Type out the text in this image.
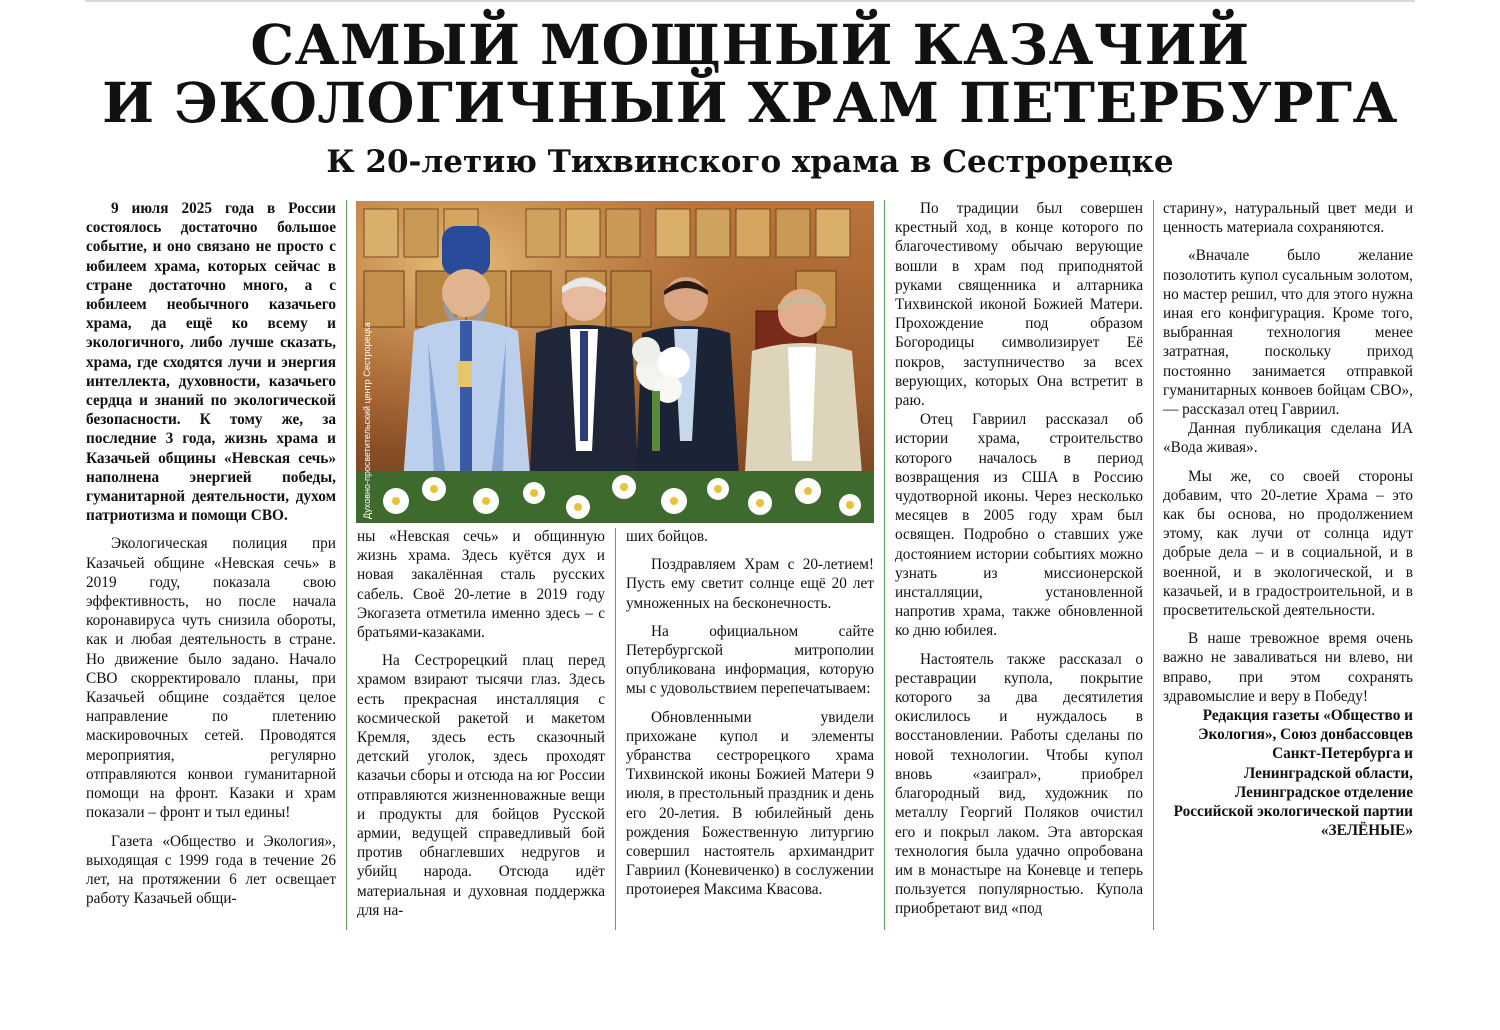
САМЫЙ МОЩНЫЙ КАЗАЧИЙ
И ЭКОЛОГИЧНЫЙ ХРАМ ПЕТЕРБУРГА
К 20-летию Тихвинского храма в Сестрорецке

9 июля 2025 года в России состоялось достаточно большое событие, и оно связано не просто с юбилеем храма, которых сейчас в стране достаточно много, а с юбилеем необычного казачьего храма, да ещё ко всему и экологичного, либо лучше сказать, храма, где сходятся лучи и энергия интеллекта, духовности, казачьего сердца и знаний по экологической безопасности. К тому же, за последние 3 года, жизнь храма и Казачьей общины «Невская сечь» наполнена энергией победы, гуманитарной деятельности, духом патриотизма и помощи СВО.

Экологическая полиция при Казачьей общине «Невская сечь» в 2019 году, показала свою эффективность, но после начала коронавируса чуть снизила обороты, как и любая деятельность в стране. Но движение было задано. Начало СВО скорректировало планы, при Казачьей общине создаётся целое направление по плетению маскировочных сетей. Проводятся мероприятия, регулярно отправляются конвои гуманитарной помощи на фронт. Казаки и храм показали – фронт и тыл едины!

Газета «Общество и Экология», выходящая с 1999 года в течение 26 лет, на протяжении 6 лет освещает работу Казачьей общи-

Духовно-просветительский центр Сестрорецка

ны «Невская сечь» и общинную жизнь храма. Здесь куётся дух и новая закалённая сталь русских сабель. Своё 20-летие в 2019 году Экогазета отметила именно здесь – с братьями-казаками.

На Сестрорецкий плац перед храмом взирают тысячи глаз. Здесь есть прекрасная инсталляция с космической ракетой и макетом Кремля, здесь есть сказочный детский уголок, здесь проходят казачьи сборы и отсюда на юг России отправляются жизненноважные вещи и продукты для бойцов Русской армии, ведущей справедливый бой против обнаглевших недругов и убийц народа. Отсюда идёт материальная и духовная поддержка для на-

ших бойцов.

Поздравляем Храм с 20-летием! Пусть ему светит солнце ещё 20 лет умноженных на бесконечность.

На официальном сайте Петербургской митрополии опубликована информация, которую мы с удовольствием перепечатываем:

Обновленными увидели прихожане купол и элементы убранства сестрорецкого храма Тихвинской иконы Божией Матери 9 июля, в престольный праздник и день его 20-летия. В юбилейный день рождения Божественную литургию совершил настоятель архимандрит Гавриил (Коневиченко) в сослужении протоиерея Максима Квасова.

По традиции был совершен крестный ход, в конце которого по благочестивому обычаю верующие вошли в храм под приподнятой руками священника и алтарника Тихвинской иконой Божией Матери. Прохождение под образом Богородицы символизирует Её покров, заступничество за всех верующих, которых Она встретит в раю.

Отец Гавриил рассказал об истории храма, строительство которого началось в период возвращения из США в Россию чудотворной иконы. Через несколько месяцев в 2005 году храм был освящен. Подробно о ставших уже достоянием истории событиях можно узнать из миссионерской инсталляции, установленной напротив храма, также обновленной ко дню юбилея.

Настоятель также рассказал о реставрации купола, покрытие которого за два десятилетия окислилось и нуждалось в восстановлении. Работы сделаны по новой технологии. Чтобы купол вновь «заиграл», приобрел благородный вид, художник по металлу Георгий Поляков очистил его и покрыл лаком. Эта авторская технология была удачно опробована им в монастыре на Коневце и теперь пользуется популярностью. Купола приобретают вид «под

старину», натуральный цвет меди и ценность материала сохраняются.

«Вначале было желание позолотить купол сусальным золотом, но мастер решил, что для этого нужна иная его конфигурация. Кроме того, выбранная технология менее затратная, поскольку приход постоянно занимается отправкой гуманитарных конвоев бойцам СВО», — рассказал отец Гавриил.

Данная публикация сделана ИА «Вода живая».

Мы же, со своей стороны добавим, что 20-летие Храма – это как бы основа, но продолжением этому, как лучи от солнца идут добрые дела – и в социальной, и в военной, и в экологической, и в казачьей, и в градостроительной, и в просветительской деятельности.

В наше тревожное время очень важно не заваливаться ни влево, ни вправо, при этом сохранять здравомыслие и веру в Победу!

Редакция газеты «Общество и Экология», Союз донбассовцев Санкт-Петербурга и Ленинградской области, Ленинградское отделение Российской экологической партии «ЗЕЛЁНЫЕ»
